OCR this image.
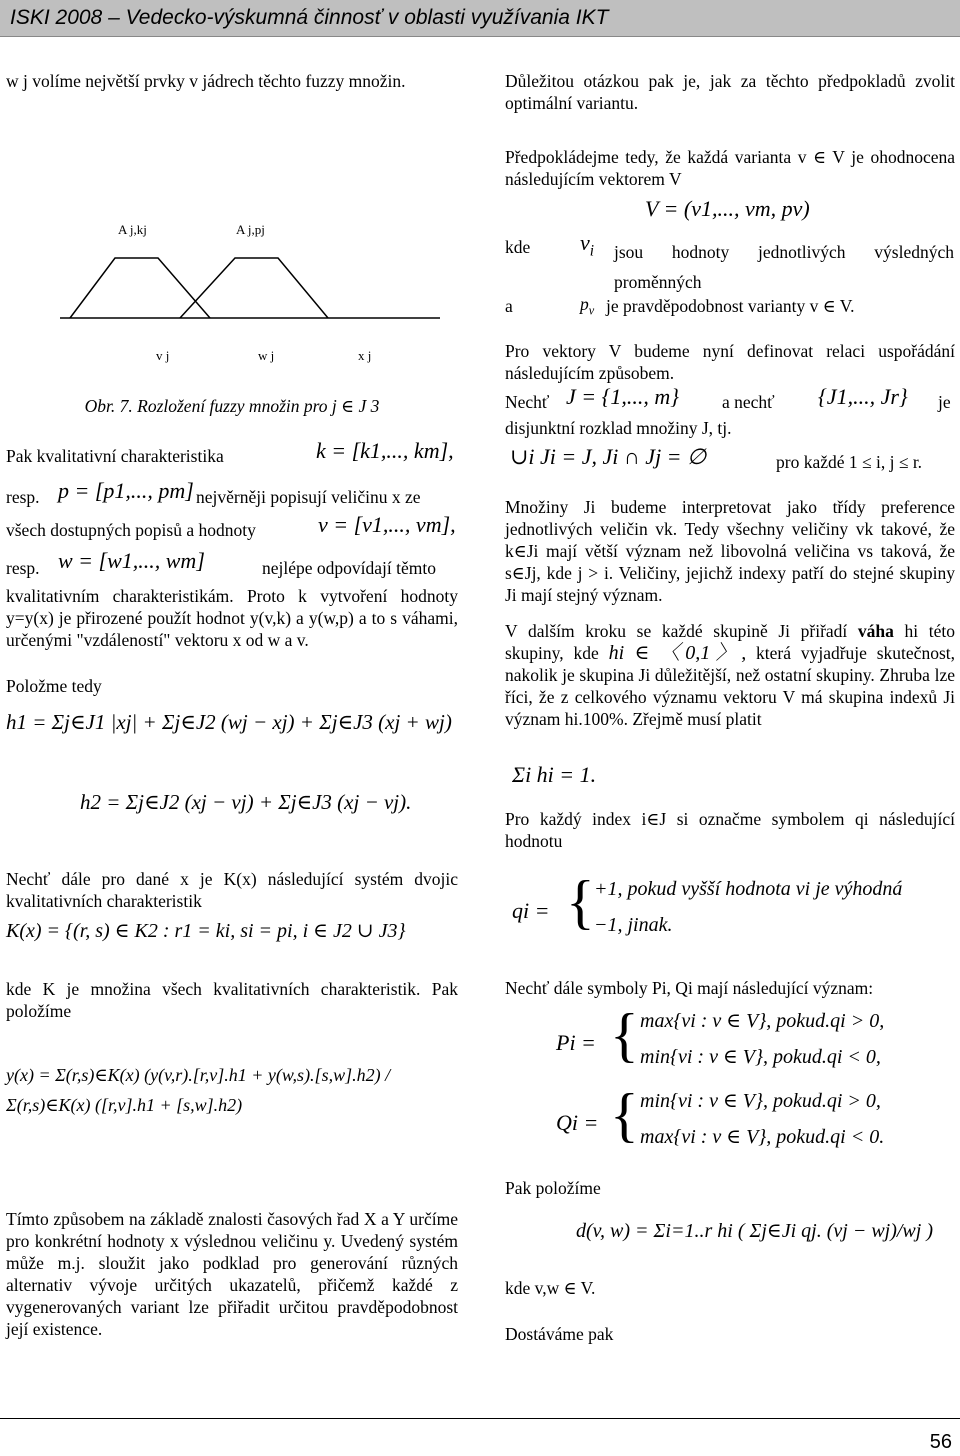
ISKI 2008 – Vedecko-výskumná činnosť v oblasti využívania IKT

w j volíme největší prvky v jádrech těchto fuzzy množin.

A j,kj	A j,pj
v j	w j	x j
Obr. 7. Rozložení fuzzy množin pro j ∈ J 3
Pak kvalitativní charakteristika	k = [k1,..., km],
resp. p = [p1,..., pm] nejvěrněji popisují veličinu x ze
všech dostupných popisů a hodnoty	v = [v1,..., vm],
resp. w = [w1,..., wm]	nejlépe odpovídají těmto
kvalitativním charakteristikám. Proto k vytvoření hodnoty y=y(x) je přirozené použít hodnot y(v,k) a y(w,p) a to s váhami, určenými "vzdáleností" vektoru x od w a v.
Položme tedy
h1 = Σj∈J1 |xj| + Σj∈J2 (wj − xj) + Σj∈J3 (xj + wj)
h2 = Σj∈J2 (xj − vj) + Σj∈J3 (xj − vj).
Nechť dále pro dané x je K(x) následující systém dvojic kvalitativních charakteristik
K(x) = {(r, s) ∈ K2 : r1 = ki, si = pi, i ∈ J2 ∪ J3}
kde K je množina všech kvalitativních charakteristik. Pak položíme
y(x) = Σ(r,s)∈K(x) (y(v,r).[r,v].h1 + y(w,s).[s,w].h2) / Σ(r,s)∈K(x) ([r,v].h1 + [s,w].h2)
Tímto způsobem na základě znalosti časových řad X a Y určíme pro konkrétní hodnoty x výslednou veličinu y. Uvedený systém může m.j. sloužit jako podklad pro generování různých alternativ vývoje určitých ukazatelů, přičemž každé z vygenerovaných variant lze přiřadit určitou pravděpodobnost její existence.
Důležitou otázkou pak je, jak za těchto předpokladů zvolit optimální variantu.
Předpokládejme tedy, že každá varianta v ∈ V je ohodnocena následujícím vektorem V
V = (v1,..., vm, pv)
kde $v_i$ jsou hodnoty jednotlivých výsledných proměnných
a	$p_v$ je pravděpodobnost varianty v ∈ V.
Pro vektory V budeme nyní definovat relaci uspořádání následujícím způsobem.
Nechť J = {1,..., m} a nechť {J1,..., Jr} je
disjunktní rozklad množiny J, tj.
∪i Ji = J, Ji ∩ Jj = ∅	pro každé 1 ≤ i, j ≤ r.
Množiny Ji budeme interpretovat jako třídy preference jednotlivých veličin vk. Tedy všechny veličiny vk takové, že k∈Ji mají větší význam než libovolná veličina vs taková, že s∈Jj, kde j > i. Veličiny, jejichž indexy patří do stejné skupiny Ji mají stejný význam.
V dalším kroku se každé skupině Ji přiřadí váha hi této skupiny, kde hi ∈ 〈0,1〉, která vyjadřuje skutečnost, nakolik je skupina Ji důležitější, než ostatní skupiny. Zhruba lze říci, že z celkového významu vektoru V má skupina indexů Ji význam hi.100%. Zřejmě musí platit
Σi hi = 1.
Pro každý index i∈J si označme symbolem qi následující hodnotu
qi = { +1, pokud vyšší hodnota vi je výhodná
−1, jinak.
Nechť dále symboly Pi, Qi mají následující význam:
Pi = { max{vi : v ∈ V}, pokud.qi > 0,
min{vi : v ∈ V}, pokud.qi < 0,
Qi = { min{vi : v ∈ V}, pokud.qi > 0,
max{vi : v ∈ V}, pokud.qi < 0.
Pak položíme
d(v, w) = Σi=1..r hi ( Σj∈Ji qj. (vj − wj)/wj )
kde v,w ∈ V.
Dostáváme pak
56
